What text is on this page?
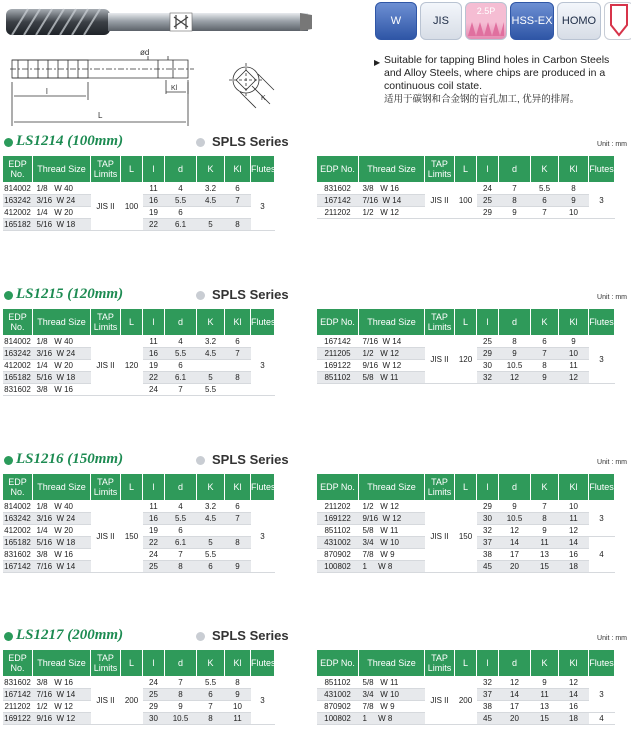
ød
l	Kl
L
K
W	JIS
2.5P
HSS-EX HOMO
▶ Suitable for tapping Blind holes in Carbon Steels and Alloy Steels, where chips are produced in a continuous coil state.
适用于碳钢和合金钢的盲孔加工, 优异的排屑。
LS1214 (100mm)	SPLS Series	Unit : mm
EDP No.	Thread Size	TAP Limits	L	l	d	K	Kl	Flutes
814002	1/8   W 40	JIS II	100	11	4	3.2	6	3
163242	3/16  W 24			16	5.5	4.5	7	
412002	1/4   W 20			19	6			
165182	5/16  W 18			22	6.1	5	8	
EDP No.	Thread Size	TAP Limits	L	l	d	K	Kl	Flutes
831602	3/8   W 16	JIS II	100	24	7	5.5	8	3
167142	7/16  W 14			25	8	6	9	
211202	1/2   W 12			29	9	7	10	
LS1215 (120mm)	SPLS Series	Unit : mm
EDP No.	Thread Size	TAP Limits	L	l	d	K	Kl	Flutes
814002	1/8   W 40	JIS II	120	11	4	3.2	6	3
163242	3/16  W 24			16	5.5	4.5	7	
412002	1/4   W 20			19	6			
165182	5/16  W 18			22	6.1	5	8	
831602	3/8   W 16			24	7	5.5		
EDP No.	Thread Size	TAP Limits	L	l	d	K	Kl	Flutes
167142	7/16  W 14	JIS II	120	25	8	6	9	3
211205	1/2   W 12			29	9	7	10	
169122	9/16  W 12			30	10.5	8	11	
851102	5/8   W 11			32	12	9	12	
LS1216 (150mm)	SPLS Series	Unit : mm
EDP No.	Thread Size	TAP Limits	L	l	d	K	Kl	Flutes
814002	1/8   W 40	JIS II	150	11	4	3.2	6	3
163242	3/16  W 24			16	5.5	4.5	7	
412002	1/4   W 20			19	6			
165182	5/16  W 18			22	6.1	5	8	
831602	3/8   W 16			24	7	5.5		
167142	7/16  W 14			25	8	6	9	
EDP No.	Thread Size	TAP Limits	L	l	d	K	Kl	Flutes
211202	1/2   W 12	JIS II	150	29	9	7	10	3
169122	9/16  W 12			30	10.5	8	11	
851102	5/8   W 11			32	12	9	12	
431002	3/4   W 10			37	14	11	14	4
870902	7/8   W 9			38	17	13	16	
100802	1     W 8			45	20	15	18	
LS1217 (200mm)	SPLS Series	Unit : mm
EDP No.	Thread Size	TAP Limits	L	l	d	K	Kl	Flutes
831602	3/8   W 16	JIS II	200	24	7	5.5	8	3
167142	7/16  W 14			25	8	6	9	
211202	1/2   W 12			29	9	7	10	
169122	9/16  W 12			30	10.5	8	11	
EDP No.	Thread Size	TAP Limits	L	l	d	K	Kl	Flutes
851102	5/8   W 11	JIS II	200	32	12	9	12	3
431002	3/4   W 10			37	14	11	14	
870902	7/8   W 9			38	17	13	16	
100802	1     W 8			45	20	15	18	4
